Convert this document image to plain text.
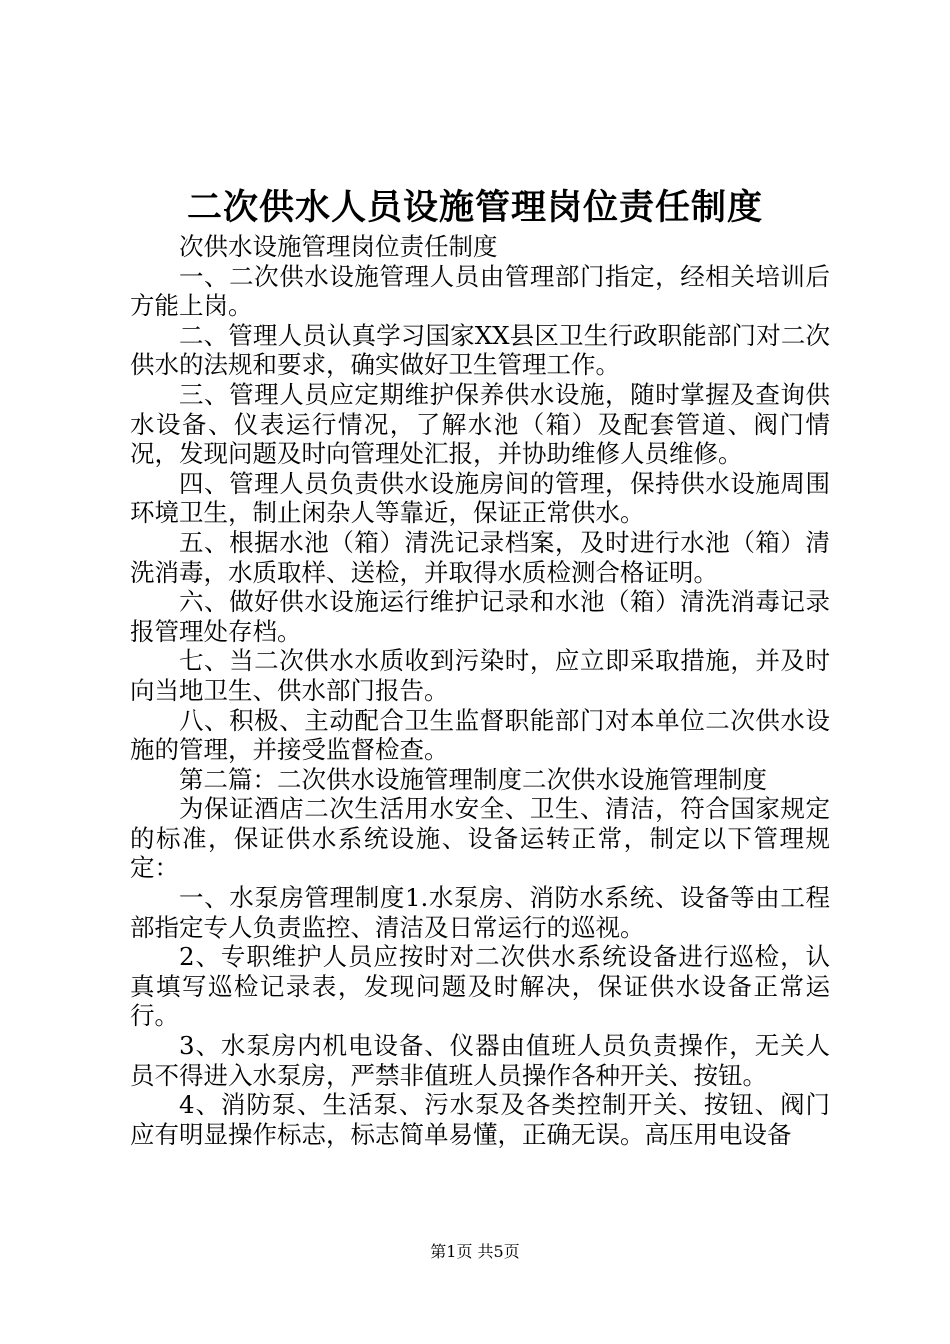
二次供水人员设施管理岗位责任制度

次供水设施管理岗位责任制度

一、二次供水设施管理人员由管理部门指定，经相关培训后方能上岗。

二、管理人员认真学习国家XX县区卫生行政职能部门对二次供水的法规和要求，确实做好卫生管理工作。

三、管理人员应定期维护保养供水设施，随时掌握及查询供水设备、仪表运行情况，了解水池（箱）及配套管道、阀门情况，发现问题及时向管理处汇报，并协助维修人员维修。

四、管理人员负责供水设施房间的管理，保持供水设施周围环境卫生，制止闲杂人等靠近，保证正常供水。

五、根据水池（箱）清洗记录档案，及时进行水池（箱）清洗消毒，水质取样、送检，并取得水质检测合格证明。

六、做好供水设施运行维护记录和水池（箱）清洗消毒记录报管理处存档。

七、当二次供水水质收到污染时，应立即采取措施，并及时向当地卫生、供水部门报告。

八、积极、主动配合卫生监督职能部门对本单位二次供水设施的管理，并接受监督检查。

第二篇：二次供水设施管理制度二次供水设施管理制度

为保证酒店二次生活用水安全、卫生、清洁，符合国家规定的标准，保证供水系统设施、设备运转正常，制定以下管理规定：

一、水泵房管理制度1.水泵房、消防水系统、设备等由工程部指定专人负责监控、清洁及日常运行的巡视。

2、专职维护人员应按时对二次供水系统设备进行巡检，认真填写巡检记录表，发现问题及时解决，保证供水设备正常运行。

3、水泵房内机电设备、仪器由值班人员负责操作，无关人员不得进入水泵房，严禁非值班人员操作各种开关、按钮。

4、消防泵、生活泵、污水泵及各类控制开关、按钮、阀门应有明显操作标志，标志简单易懂，正确无误。高压用电设备

第1页 共5页
